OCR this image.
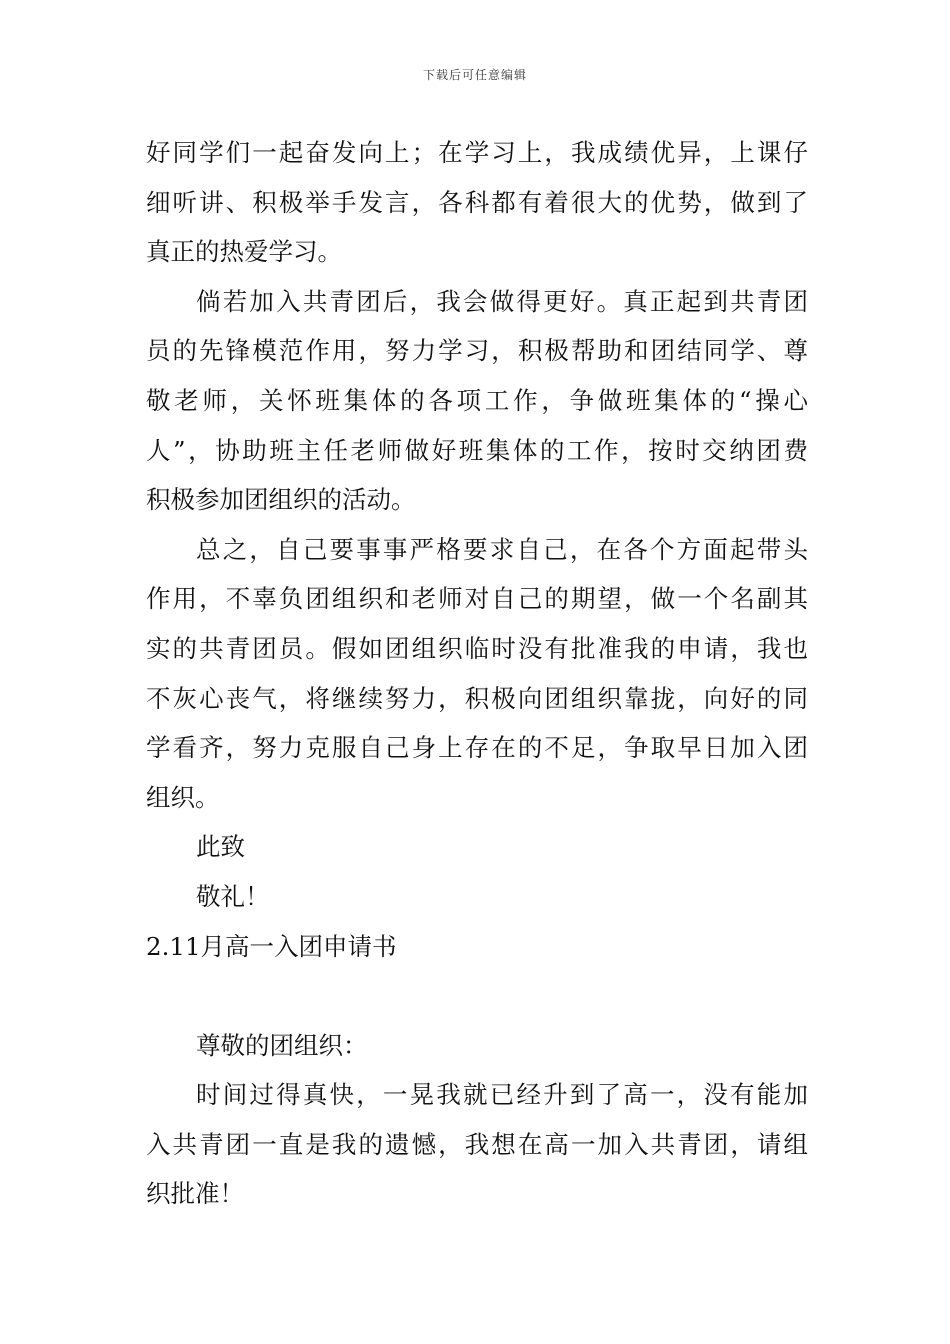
下载后可任意编辑
好同学们一起奋发向上；在学习上，我成绩优异，上课仔
细听讲、积极举手发言，各科都有着很大的优势，做到了
真正的热爱学习。
倘若加入共青团后，我会做得更好。真正起到共青团
员的先锋模范作用，努力学习，积极帮助和团结同学、尊
敬老师，关怀班集体的各项工作，争做班集体的“操心
人”，协助班主任老师做好班集体的工作，按时交纳团费
积极参加团组织的活动。
总之，自己要事事严格要求自己，在各个方面起带头
作用，不辜负团组织和老师对自己的期望，做一个名副其
实的共青团员。假如团组织临时没有批准我的申请，我也
不灰心丧气，将继续努力，积极向团组织靠拢，向好的同
学看齐，努力克服自己身上存在的不足，争取早日加入团
组织。
此致
敬礼！
2.11月高一入团申请书
尊敬的团组织：
时间过得真快，一晃我就已经升到了高一，没有能加
入共青团一直是我的遗憾，我想在高一加入共青团，请组
织批准！
